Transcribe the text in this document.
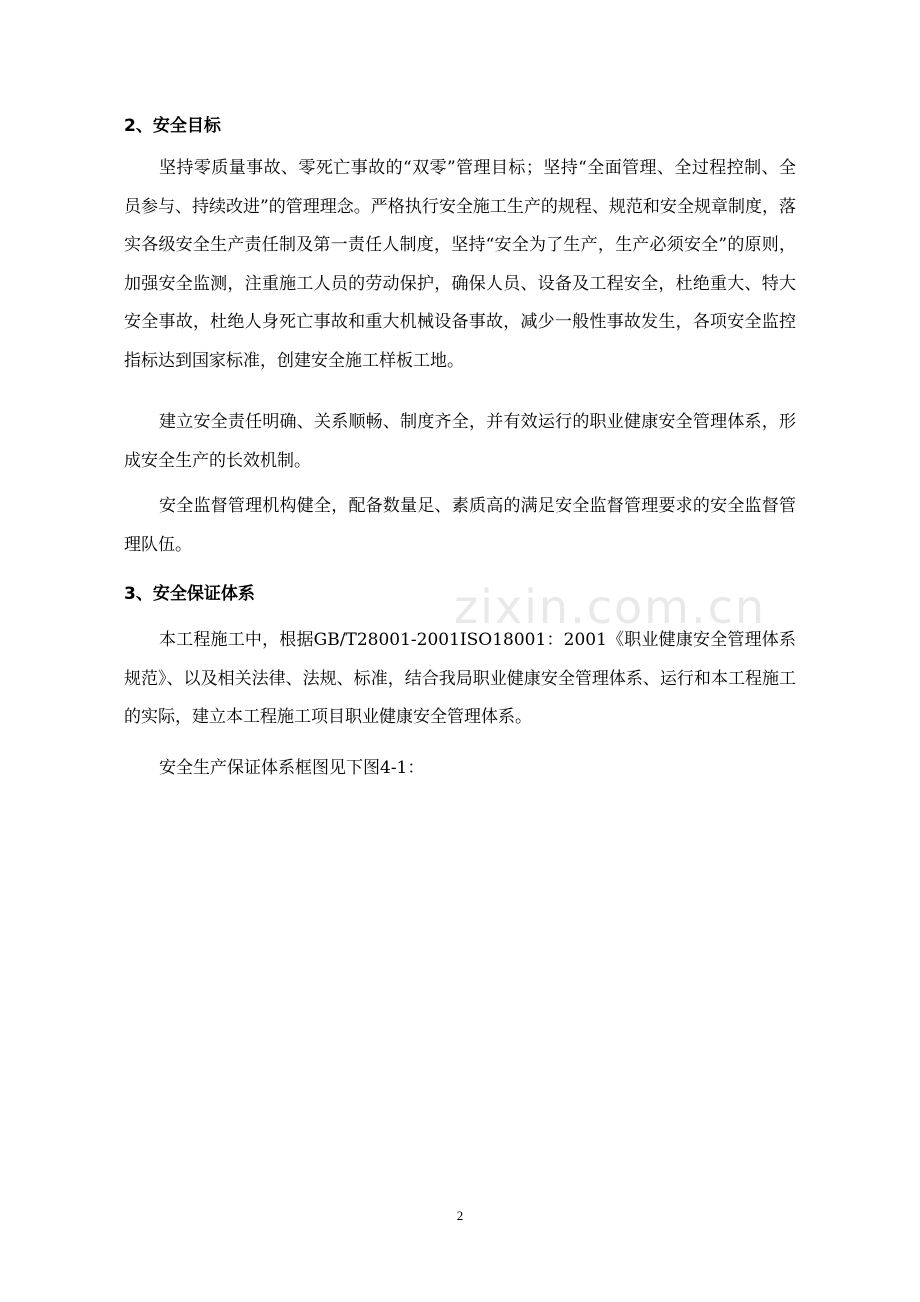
zixin.com.cn
2、安全目标
坚持零质量事故、零死亡事故的“双零”管理目标；坚持“全面管理、全过程控制、全员参与、持续改进”的管理理念。严格执行安全施工生产的规程、规范和安全规章制度，落实各级安全生产责任制及第一责任人制度，坚持“安全为了生产，生产必须安全”的原则，加强安全监测，注重施工人员的劳动保护，确保人员、设备及工程安全，杜绝重大、特大安全事故，杜绝人身死亡事故和重大机械设备事故，减少一般性事故发生，各项安全监控指标达到国家标准，创建安全施工样板工地。
建立安全责任明确、关系顺畅、制度齐全，并有效运行的职业健康安全管理体系，形成安全生产的长效机制。
安全监督管理机构健全，配备数量足、素质高的满足安全监督管理要求的安全监督管理队伍。
3、安全保证体系
本工程施工中，根据GB/T28001-2001ISO18001：2001《职业健康安全管理体系规范》、以及相关法律、法规、标准，结合我局职业健康安全管理体系、运行和本工程施工的实际，建立本工程施工项目职业健康安全管理体系。
安全生产保证体系框图见下图4-1：
2
